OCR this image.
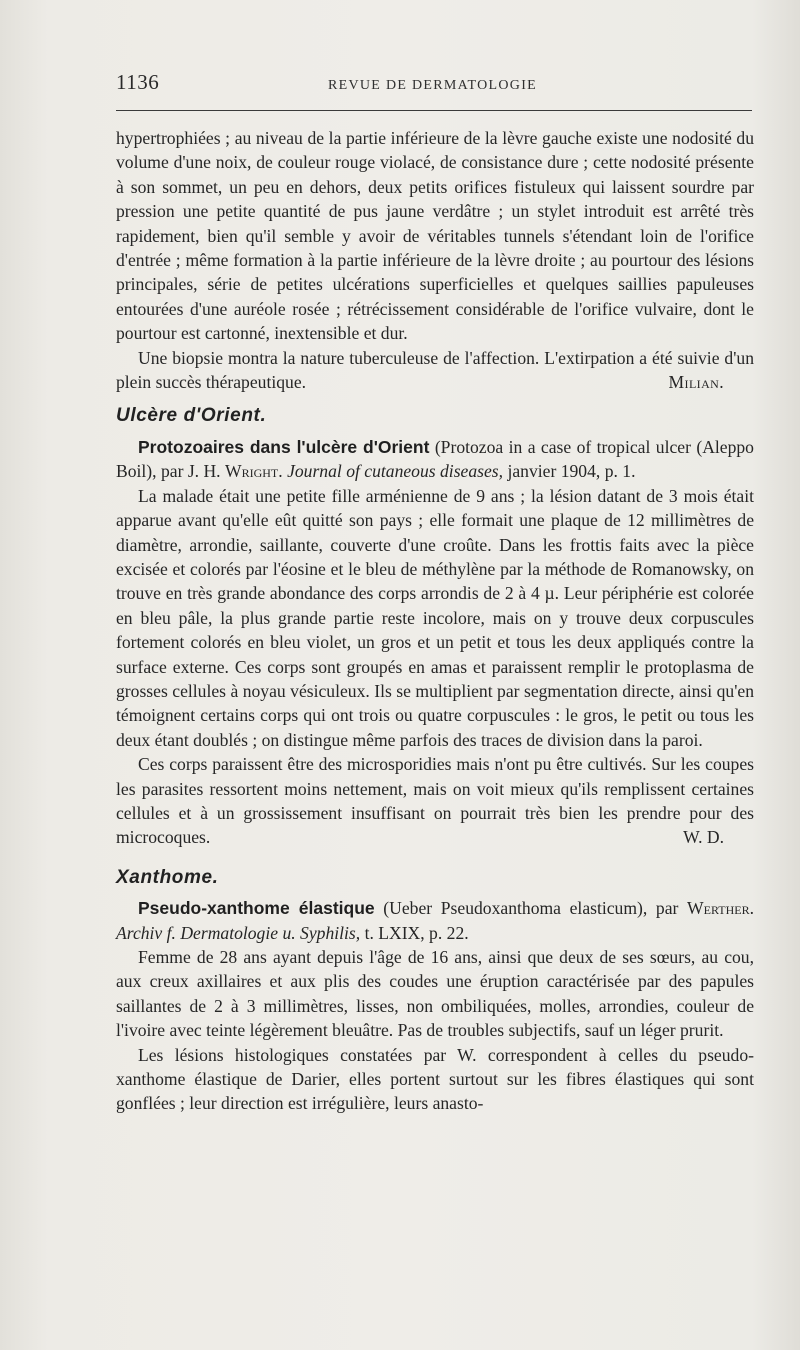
1136	REVUE DE DERMATOLOGIE

hypertrophiées ; au niveau de la partie inférieure de la lèvre gauche existe une nodosité du volume d'une noix, de couleur rouge violacé, de consistance dure ; cette nodosité présente à son sommet, un peu en dehors, deux petits orifices fistuleux qui laissent sourdre par pression une petite quantité de pus jaune verdâtre ; un stylet introduit est arrêté très rapidement, bien qu'il semble y avoir de véritables tunnels s'étendant loin de l'orifice d'entrée ; même formation à la partie inférieure de la lèvre droite ; au pourtour des lésions principales, série de petites ulcérations superficielles et quelques saillies papuleuses entourées d'une auréole rosée ; rétrécissement considérable de l'orifice vulvaire, dont le pourtour est cartonné, inextensible et dur.

Une biopsie montra la nature tuberculeuse de l'affection. L'extirpation a été suivie d'un plein succès thérapeutique.	Milian.

Ulcère d'Orient.

Protozoaires dans l'ulcère d'Orient (Protozoa in a case of tropical ulcer (Aleppo Boil), par J. H. Wright. Journal of cutaneous diseases, janvier 1904, p. 1.

La malade était une petite fille arménienne de 9 ans ; la lésion datant de 3 mois était apparue avant qu'elle eût quitté son pays ; elle formait une plaque de 12 millimètres de diamètre, arrondie, saillante, couverte d'une croûte. Dans les frottis faits avec la pièce excisée et colorés par l'éosine et le bleu de méthylène par la méthode de Romanowsky, on trouve en très grande abondance des corps arrondis de 2 à 4 µ. Leur périphérie est colorée en bleu pâle, la plus grande partie reste incolore, mais on y trouve deux corpuscules fortement colorés en bleu violet, un gros et un petit et tous les deux appliqués contre la surface externe. Ces corps sont groupés en amas et paraissent remplir le protoplasma de grosses cellules à noyau vésiculeux. Ils se multiplient par segmentation directe, ainsi qu'en témoignent certains corps qui ont trois ou quatre corpuscules : le gros, le petit ou tous les deux étant doublés ; on distingue même parfois des traces de division dans la paroi.

Ces corps paraissent être des microsporidies mais n'ont pu être cultivés. Sur les coupes les parasites ressortent moins nettement, mais on voit mieux qu'ils remplissent certaines cellules et à un grossissement insuffisant on pourrait très bien les prendre pour des microcoques.	W. D.

Xanthome.

Pseudo-xanthome élastique (Ueber Pseudoxanthoma elasticum), par Werther. Archiv f. Dermatologie u. Syphilis, t. LXIX, p. 22.

Femme de 28 ans ayant depuis l'âge de 16 ans, ainsi que deux de ses sœurs, au cou, aux creux axillaires et aux plis des coudes une éruption caractérisée par des papules saillantes de 2 à 3 millimètres, lisses, non ombiliquées, molles, arrondies, couleur de l'ivoire avec teinte légèrement bleuâtre. Pas de troubles subjectifs, sauf un léger prurit.

Les lésions histologiques constatées par W. correspondent à celles du pseudo-xanthome élastique de Darier, elles portent surtout sur les fibres élastiques qui sont gonflées ; leur direction est irrégulière, leurs anasto-
